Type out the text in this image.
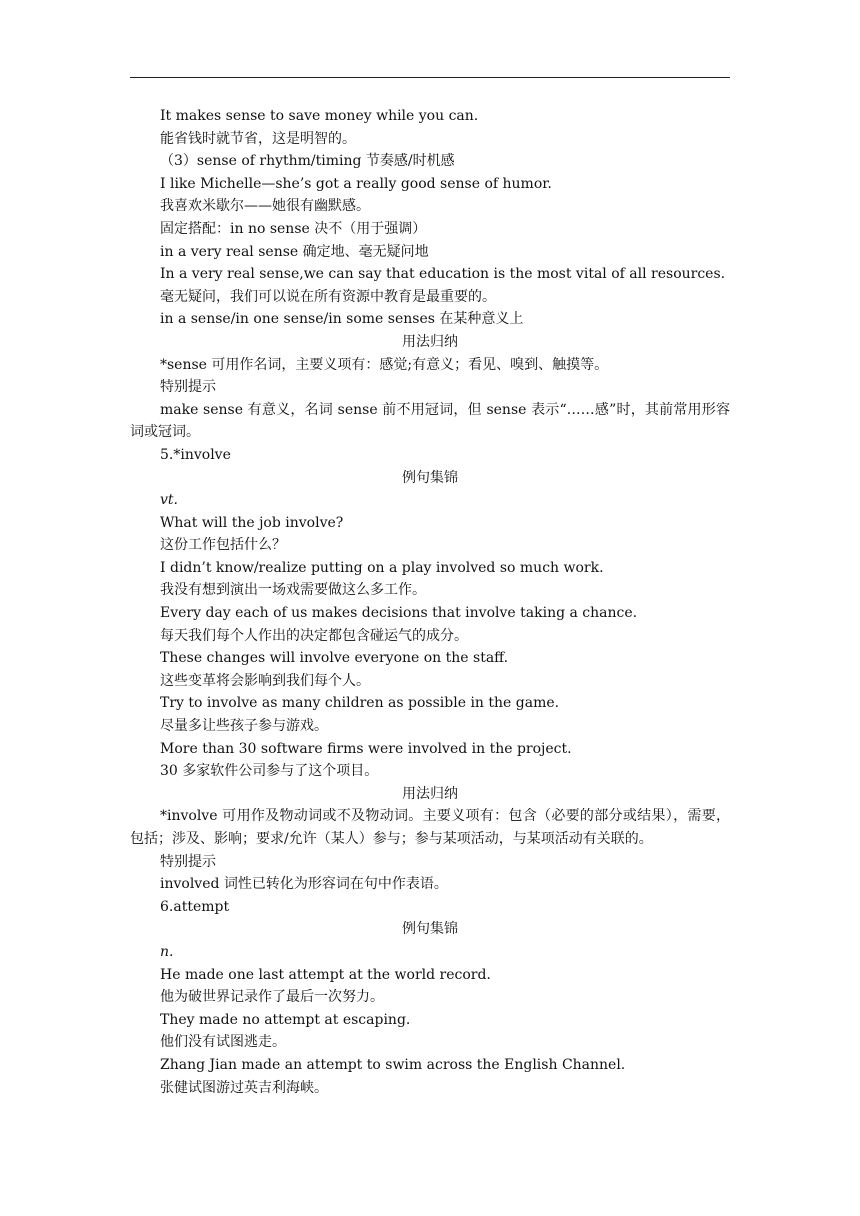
It makes sense to save money while you can.
能省钱时就节省，这是明智的。
（3）sense of rhythm/timing 节奏感/时机感
I like Michelle—she’s got a really good sense of humor.
我喜欢米歇尔——她很有幽默感。
固定搭配：in no sense 决不（用于强调）
in a very real sense 确定地、毫无疑问地
In a very real sense,we can say that education is the most vital of all resources.
毫无疑问，我们可以说在所有资源中教育是最重要的。
in a sense/in one sense/in some senses 在某种意义上
用法归纳
*sense 可用作名词，主要义项有：感觉;有意义；看见、嗅到、触摸等。
特别提示
make sense 有意义，名词 sense 前不用冠词，但 sense 表示“……感”时，其前常用形容词或冠词。
5.*involve
例句集锦
vt.
What will the job involve?
这份工作包括什么？
I didn’t know/realize putting on a play involved so much work.
我没有想到演出一场戏需要做这么多工作。
Every day each of us makes decisions that involve taking a chance.
每天我们每个人作出的决定都包含碰运气的成分。
These changes will involve everyone on the staff.
这些变革将会影响到我们每个人。
Try to involve as many children as possible in the game.
尽量多让些孩子参与游戏。
More than 30 software firms were involved in the project.
30 多家软件公司参与了这个项目。
用法归纳
*involve 可用作及物动词或不及物动词。主要义项有：包含（必要的部分或结果），需要，包括；涉及、影响；要求/允许（某人）参与；参与某项活动，与某项活动有关联的。
特别提示
involved 词性已转化为形容词在句中作表语。
6.attempt
例句集锦
n.
He made one last attempt at the world record.
他为破世界记录作了最后一次努力。
They made no attempt at escaping.
他们没有试图逃走。
Zhang Jian made an attempt to swim across the English Channel.
张健试图游过英吉利海峡。
